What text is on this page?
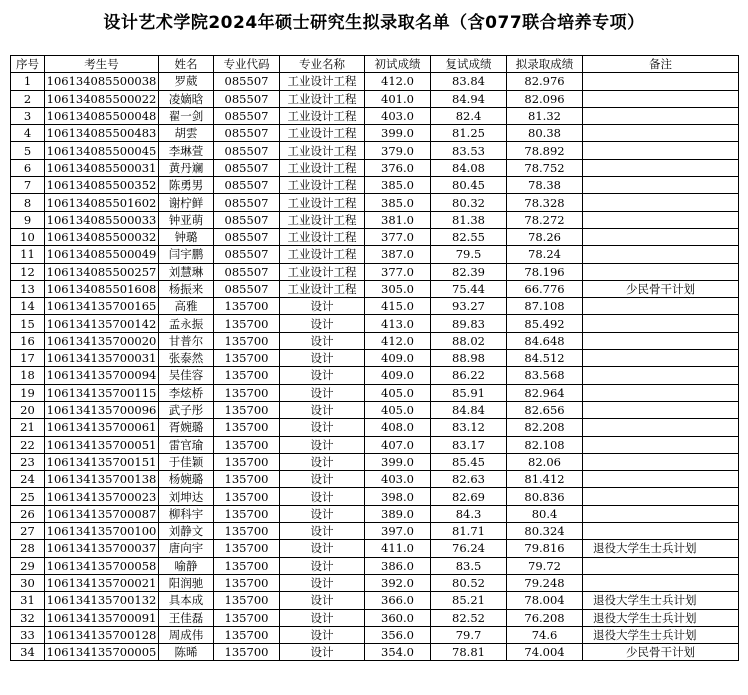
设计艺术学院2024年硕士研究生拟录取名单（含077联合培养专项）
序号	考生号	姓名	专业代码	专业名称	初试成绩	复试成绩	拟录取成绩	备注
1	106134085500038	罗葳	085507	工业设计工程	412.0	83.84	82.976	
2	106134085500022	凌嫡晗	085507	工业设计工程	401.0	84.94	82.096	
3	106134085500048	翟一剑	085507	工业设计工程	403.0	82.4	81.32	
4	106134085500483	胡雲	085507	工业设计工程	399.0	81.25	80.38	
5	106134085500045	李琳萱	085507	工业设计工程	379.0	83.53	78.892	
6	106134085500031	黄丹斓	085507	工业设计工程	376.0	84.08	78.752	
7	106134085500352	陈勇男	085507	工业设计工程	385.0	80.45	78.38	
8	106134085501602	谢柠鲜	085507	工业设计工程	385.0	80.32	78.328	
9	106134085500033	钟亚萌	085507	工业设计工程	381.0	81.38	78.272	
10	106134085500032	钟璐	085507	工业设计工程	377.0	82.55	78.26	
11	106134085500049	闫宇鹏	085507	工业设计工程	387.0	79.5	78.24	
12	106134085500257	刘慧琳	085507	工业设计工程	377.0	82.39	78.196	
13	106134085501608	杨振来	085507	工业设计工程	305.0	75.44	66.776	少民骨干计划
14	106134135700165	高雅	135700	设计	415.0	93.27	87.108	
15	106134135700142	孟永振	135700	设计	413.0	89.83	85.492	
16	106134135700020	甘普尔	135700	设计	412.0	88.02	84.648	
17	106134135700031	张泰然	135700	设计	409.0	88.98	84.512	
18	106134135700094	吴佳容	135700	设计	409.0	86.22	83.568	
19	106134135700115	李炫桥	135700	设计	405.0	85.91	82.964	
20	106134135700096	武子彤	135700	设计	405.0	84.84	82.656	
21	106134135700061	胥婉璐	135700	设计	408.0	83.12	82.208	
22	106134135700051	雷官瑜	135700	设计	407.0	83.17	82.108	
23	106134135700151	于佳颖	135700	设计	399.0	85.45	82.06	
24	106134135700138	杨婉璐	135700	设计	403.0	82.63	81.412	
25	106134135700023	刘坤达	135700	设计	398.0	82.69	80.836	
26	106134135700087	柳科宇	135700	设计	389.0	84.3	80.4	
27	106134135700100	刘静文	135700	设计	397.0	81.71	80.324	
28	106134135700037	唐向宇	135700	设计	411.0	76.24	79.816	退役大学生士兵计划
29	106134135700058	喻静	135700	设计	386.0	83.5	79.72	
30	106134135700021	阳润驰	135700	设计	392.0	80.52	79.248	
31	106134135700132	具本成	135700	设计	366.0	85.21	78.004	退役大学生士兵计划
32	106134135700091	王佳磊	135700	设计	360.0	82.52	76.208	退役大学生士兵计划
33	106134135700128	周成伟	135700	设计	356.0	79.7	74.6	退役大学生士兵计划
34	106134135700005	陈晞	135700	设计	354.0	78.81	74.004	少民骨干计划
